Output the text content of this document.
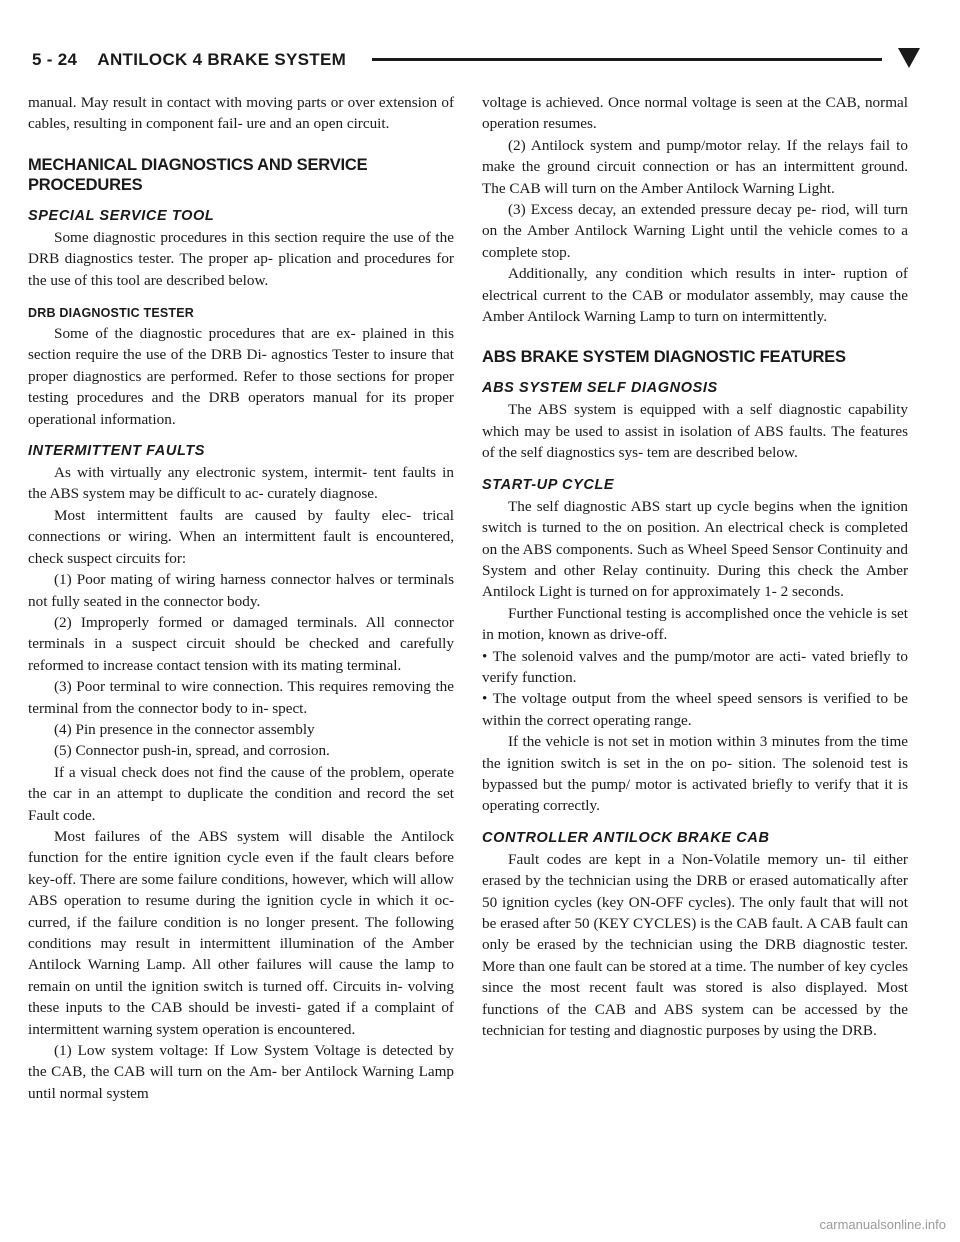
5 - 24 ANTILOCK 4 BRAKE SYSTEM

manual. May result in contact with moving parts or over extension of cables, resulting in component fail- ure and an open circuit.

MECHANICAL DIAGNOSTICS AND SERVICE PROCEDURES
SPECIAL SERVICE TOOL

Some diagnostic procedures in this section require the use of the DRB diagnostics tester. The proper ap- plication and procedures for the use of this tool are described below.

DRB DIAGNOSTIC TESTER

Some of the diagnostic procedures that are ex- plained in this section require the use of the DRB Di- agnostics Tester to insure that proper diagnostics are performed. Refer to those sections for proper testing procedures and the DRB operators manual for its proper operational information.

INTERMITTENT FAULTS

As with virtually any electronic system, intermit- tent faults in the ABS system may be difficult to ac- curately diagnose.

Most intermittent faults are caused by faulty elec- trical connections or wiring. When an intermittent fault is encountered, check suspect circuits for:

(1) Poor mating of wiring harness connector halves or terminals not fully seated in the connector body.

(2) Improperly formed or damaged terminals. All connector terminals in a suspect circuit should be checked and carefully reformed to increase contact tension with its mating terminal.

(3) Poor terminal to wire connection. This requires removing the terminal from the connector body to in- spect.

(4) Pin presence in the connector assembly

(5) Connector push-in, spread, and corrosion.

If a visual check does not find the cause of the problem, operate the car in an attempt to duplicate the condition and record the set Fault code.

Most failures of the ABS system will disable the Antilock function for the entire ignition cycle even if the fault clears before key-off. There are some failure conditions, however, which will allow ABS operation to resume during the ignition cycle in which it oc- curred, if the failure condition is no longer present. The following conditions may result in intermittent illumination of the Amber Antilock Warning Lamp. All other failures will cause the lamp to remain on until the ignition switch is turned off. Circuits in- volving these inputs to the CAB should be investi- gated if a complaint of intermittent warning system operation is encountered.

(1) Low system voltage: If Low System Voltage is detected by the CAB, the CAB will turn on the Am- ber Antilock Warning Lamp until normal system

voltage is achieved. Once normal voltage is seen at the CAB, normal operation resumes.

(2) Antilock system and pump/motor relay. If the relays fail to make the ground circuit connection or has an intermittent ground. The CAB will turn on the Amber Antilock Warning Light.

(3) Excess decay, an extended pressure decay pe- riod, will turn on the Amber Antilock Warning Light until the vehicle comes to a complete stop.

Additionally, any condition which results in inter- ruption of electrical current to the CAB or modulator assembly, may cause the Amber Antilock Warning Lamp to turn on intermittently.

ABS BRAKE SYSTEM DIAGNOSTIC FEATURES
ABS SYSTEM SELF DIAGNOSIS

The ABS system is equipped with a self diagnostic capability which may be used to assist in isolation of ABS faults. The features of the self diagnostics sys- tem are described below.

START-UP CYCLE

The self diagnostic ABS start up cycle begins when the ignition switch is turned to the on position. An electrical check is completed on the ABS components. Such as Wheel Speed Sensor Continuity and System and other Relay continuity. During this check the Amber Antilock Light is turned on for approximately 1- 2 seconds.

Further Functional testing is accomplished once the vehicle is set in motion, known as drive-off.

• The solenoid valves and the pump/motor are acti- vated briefly to verify function.

• The voltage output from the wheel speed sensors is verified to be within the correct operating range.

If the vehicle is not set in motion within 3 minutes from the time the ignition switch is set in the on po- sition. The solenoid test is bypassed but the pump/ motor is activated briefly to verify that it is operating correctly.

CONTROLLER ANTILOCK BRAKE CAB

Fault codes are kept in a Non-Volatile memory un- til either erased by the technician using the DRB or erased automatically after 50 ignition cycles (key ON-OFF cycles). The only fault that will not be erased after 50 (KEY CYCLES) is the CAB fault. A CAB fault can only be erased by the technician using the DRB diagnostic tester. More than one fault can be stored at a time. The number of key cycles since the most recent fault was stored is also displayed. Most functions of the CAB and ABS system can be accessed by the technician for testing and diagnostic purposes by using the DRB.

carmanualsonline.info
